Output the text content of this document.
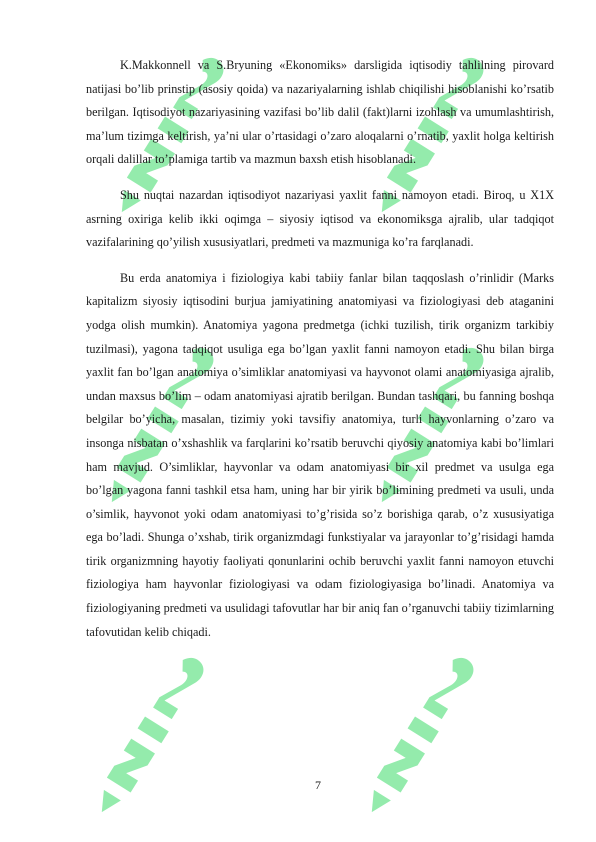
K.Makkonnell va S.Bryuning «Ekonomiks» darsligida iqtisodiy tahlilning pirovard natijasi bo’lib prinstip (asosiy qoida) va nazariyalarning ishlab chiqilishi hisoblanishi ko’rsatib berilgan. Iqtisodiyot nazariyasining vazifasi bo’lib dalil (fakt)larni izohlash va umumlashtirish, ma’lum tizimga keltirish, ya’ni ular o’rtasidagi o’zaro aloqalarni o’rnatib, yaxlit holga keltirish orqali dalillar to’plamiga tartib va mazmun baxsh etish hisoblanadi.

Shu nuqtai nazardan iqtisodiyot nazariyasi yaxlit fanni namoyon etadi. Biroq, u X1X asrning oxiriga kelib ikki oqimga – siyosiy iqtisod va ekonomiksga ajralib, ular tadqiqot vazifalarining qo’yilish xususiyatlari, predmeti va mazmuniga ko’ra farqlanadi.

Bu erda anatomiya i fiziologiya kabi tabiiy fanlar bilan taqqoslash o’rinlidir (Marks kapitalizm siyosiy iqtisodini burjua jamiyatining anatomiyasi va fiziologiyasi deb ataganini yodga olish mumkin). Anatomiya yagona predmetga (ichki tuzilish, tirik organizm tarkibiy tuzilmasi), yagona tadqiqot usuliga ega bo’lgan yaxlit fanni namoyon etadi. Shu bilan birga yaxlit fan bo’lgan anatomiya o’simliklar anatomiyasi va hayvonot olami anatomiyasiga ajralib, undan maxsus bo’lim – odam anatomiyasi ajratib berilgan. Bundan tashqari, bu fanning boshqa belgilar bo’yicha, masalan, tizimiy yoki tavsifiy anatomiya, turli hayvonlarning o’zaro va insonga nisbatan o’xshashlik va farqlarini ko’rsatib beruvchi qiyosiy anatomiya kabi bo’limlari ham mavjud. O’simliklar, hayvonlar va odam anatomiyasi bir xil predmet va usulga ega bo’lgan yagona fanni tashkil etsa ham, uning har bir yirik bo’limining predmeti va usuli, unda o’simlik, hayvonot yoki odam anatomiyasi to’g’risida so’z borishiga qarab, o’z xususiyatiga ega bo’ladi. Shunga o’xshab, tirik organizmdagi funkstiyalar va jarayonlar to’g’risidagi hamda tirik organizmning hayotiy faoliyati qonunlarini ochib beruvchi yaxlit fanni namoyon etuvchi fiziologiya ham hayvonlar fiziologiyasi va odam fiziologiyasiga bo’linadi. Anatomiya va fiziologiyaning predmeti va usulidagi tafovutlar har bir aniq fan o’rganuvchi tabiiy tizimlarning tafovutidan kelib chiqadi.

7
